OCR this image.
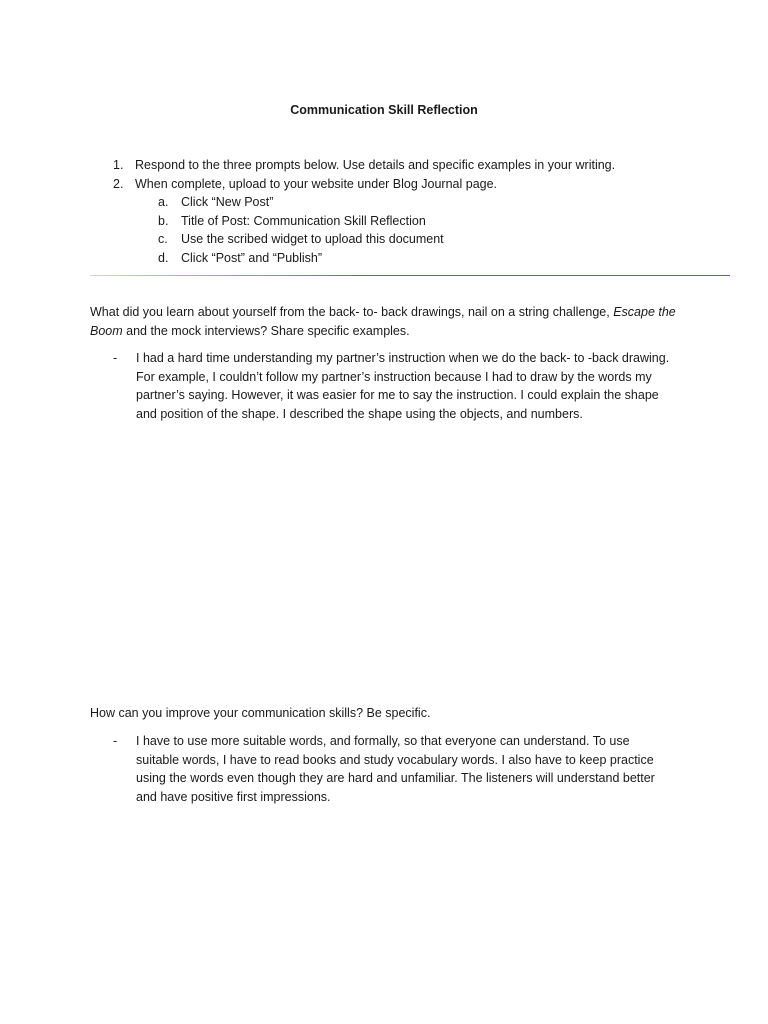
Communication Skill Reflection
1. Respond to the three prompts below. Use details and specific examples in your writing.
2. When complete, upload to your website under Blog Journal page.
a.	Click “New Post”
b.	Title of Post: Communication Skill Reflection
c.	Use the scribed widget to upload this document
d.	Click “Post” and “Publish”
What did you learn about yourself from the back- to- back drawings, nail on a string challenge, Escape the Boom and the mock interviews? Share specific examples.
-	I had a hard time understanding my partner’s instruction when we do the back- to -back drawing. For example, I couldn’t follow my partner’s instruction because I had to draw by the words my partner’s saying. However, it was easier for me to say the instruction. I could explain the shape and position of the shape. I described the shape using the objects, and numbers.
How can you improve your communication skills? Be specific.
-	I have to use more suitable words, and formally, so that everyone can understand. To use suitable words, I have to read books and study vocabulary words. I also have to keep practice using the words even though they are hard and unfamiliar. The listeners will understand better and have positive first impressions.
